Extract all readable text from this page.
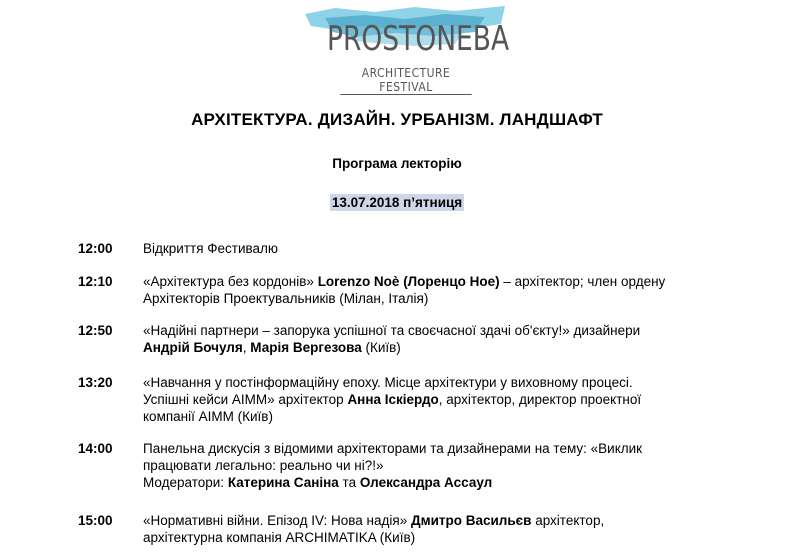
PROSTONEBA
ARCHITECTURE FESTIVAL
АРХІТЕКТУРА. ДИЗАЙН. УРБАНІЗМ. ЛАНДШАФТ
Програма лекторію
13.07.2018 п’ятниця
12:00 Відкриття Фестивалю
12:10 «Архітектура без кордонів» Lorenzo Noè (Лоренцо Ное) – архітектор; член ордену
Архітекторів Проектувальників (Мілан, Італія)
12:50 «Надійні партнери – запорука успішної та своєчасної здачі об'єкту!» дизайнери
Андрій Бочуля, Марія Вергезова (Київ)
13:20 «Навчання у постінформаційну епоху. Місце архітектури у виховному процесі.
Успішні кейси AIMM» архітектор Анна Іскіердо, архітектор, директор проектної
компанії AIMM (Київ)
14:00 Панельна дискусія з відомими архітекторами та дизайнерами на тему: «Виклик
працювати легально: реально чи ні?!»
Модератори: Катерина Саніна та Олександра Ассаул
15:00 «Нормативні війни. Епізод IV: Нова надія» Дмитро Васильєв архітектор,
архітектурна компанія ARCHIMATIKA (Київ)
